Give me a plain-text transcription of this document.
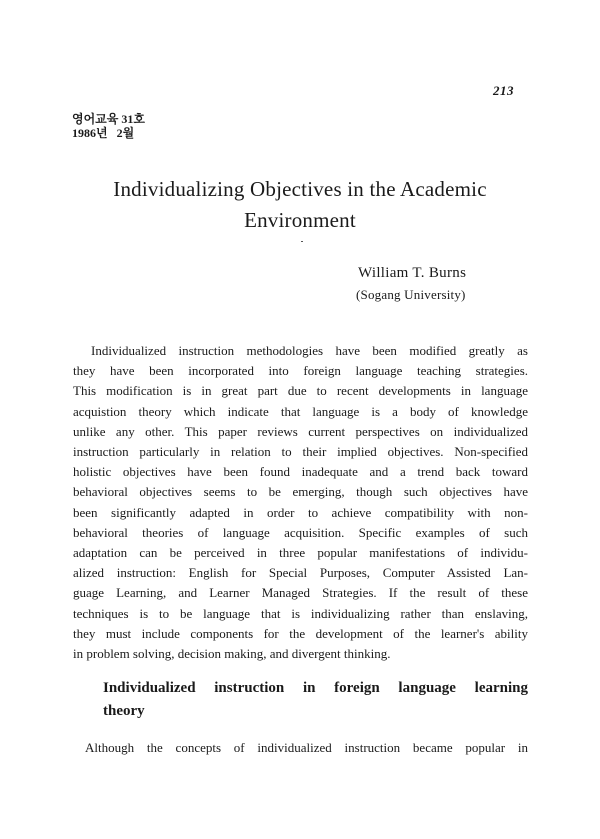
213
영어교육 31호
1986년   2월
Individualizing Objectives in the Academic
Environment
William T. Burns
(Sogang University)
Individualized instruction methodologies have been modified greatly as
they have been incorporated into foreign language teaching strategies.
This modification is in great part due to recent developments in language
acquistion theory which indicate that language is a body of knowledge
unlike any other. This paper reviews current perspectives on individualized
instruction particularly in relation to their implied objectives. Non-specified
holistic objectives have been found inadequate and a trend back toward
behavioral objectives seems to be emerging, though such objectives have
been significantly adapted in order to achieve compatibility with non-
behavioral theories of language acquisition. Specific examples of such
adaptation can be perceived in three popular manifestations of individu-
alized instruction: English for Special Purposes, Computer Assisted Lan-
guage Learning, and Learner Managed Strategies. If the result of these
techniques is to be language that is individualizing rather than enslaving,
they must include components for the development of the learner's ability
in problem solving, decision making, and divergent thinking.
Individualized instruction in foreign language learning
theory
Although the concepts of individualized instruction became popular in
